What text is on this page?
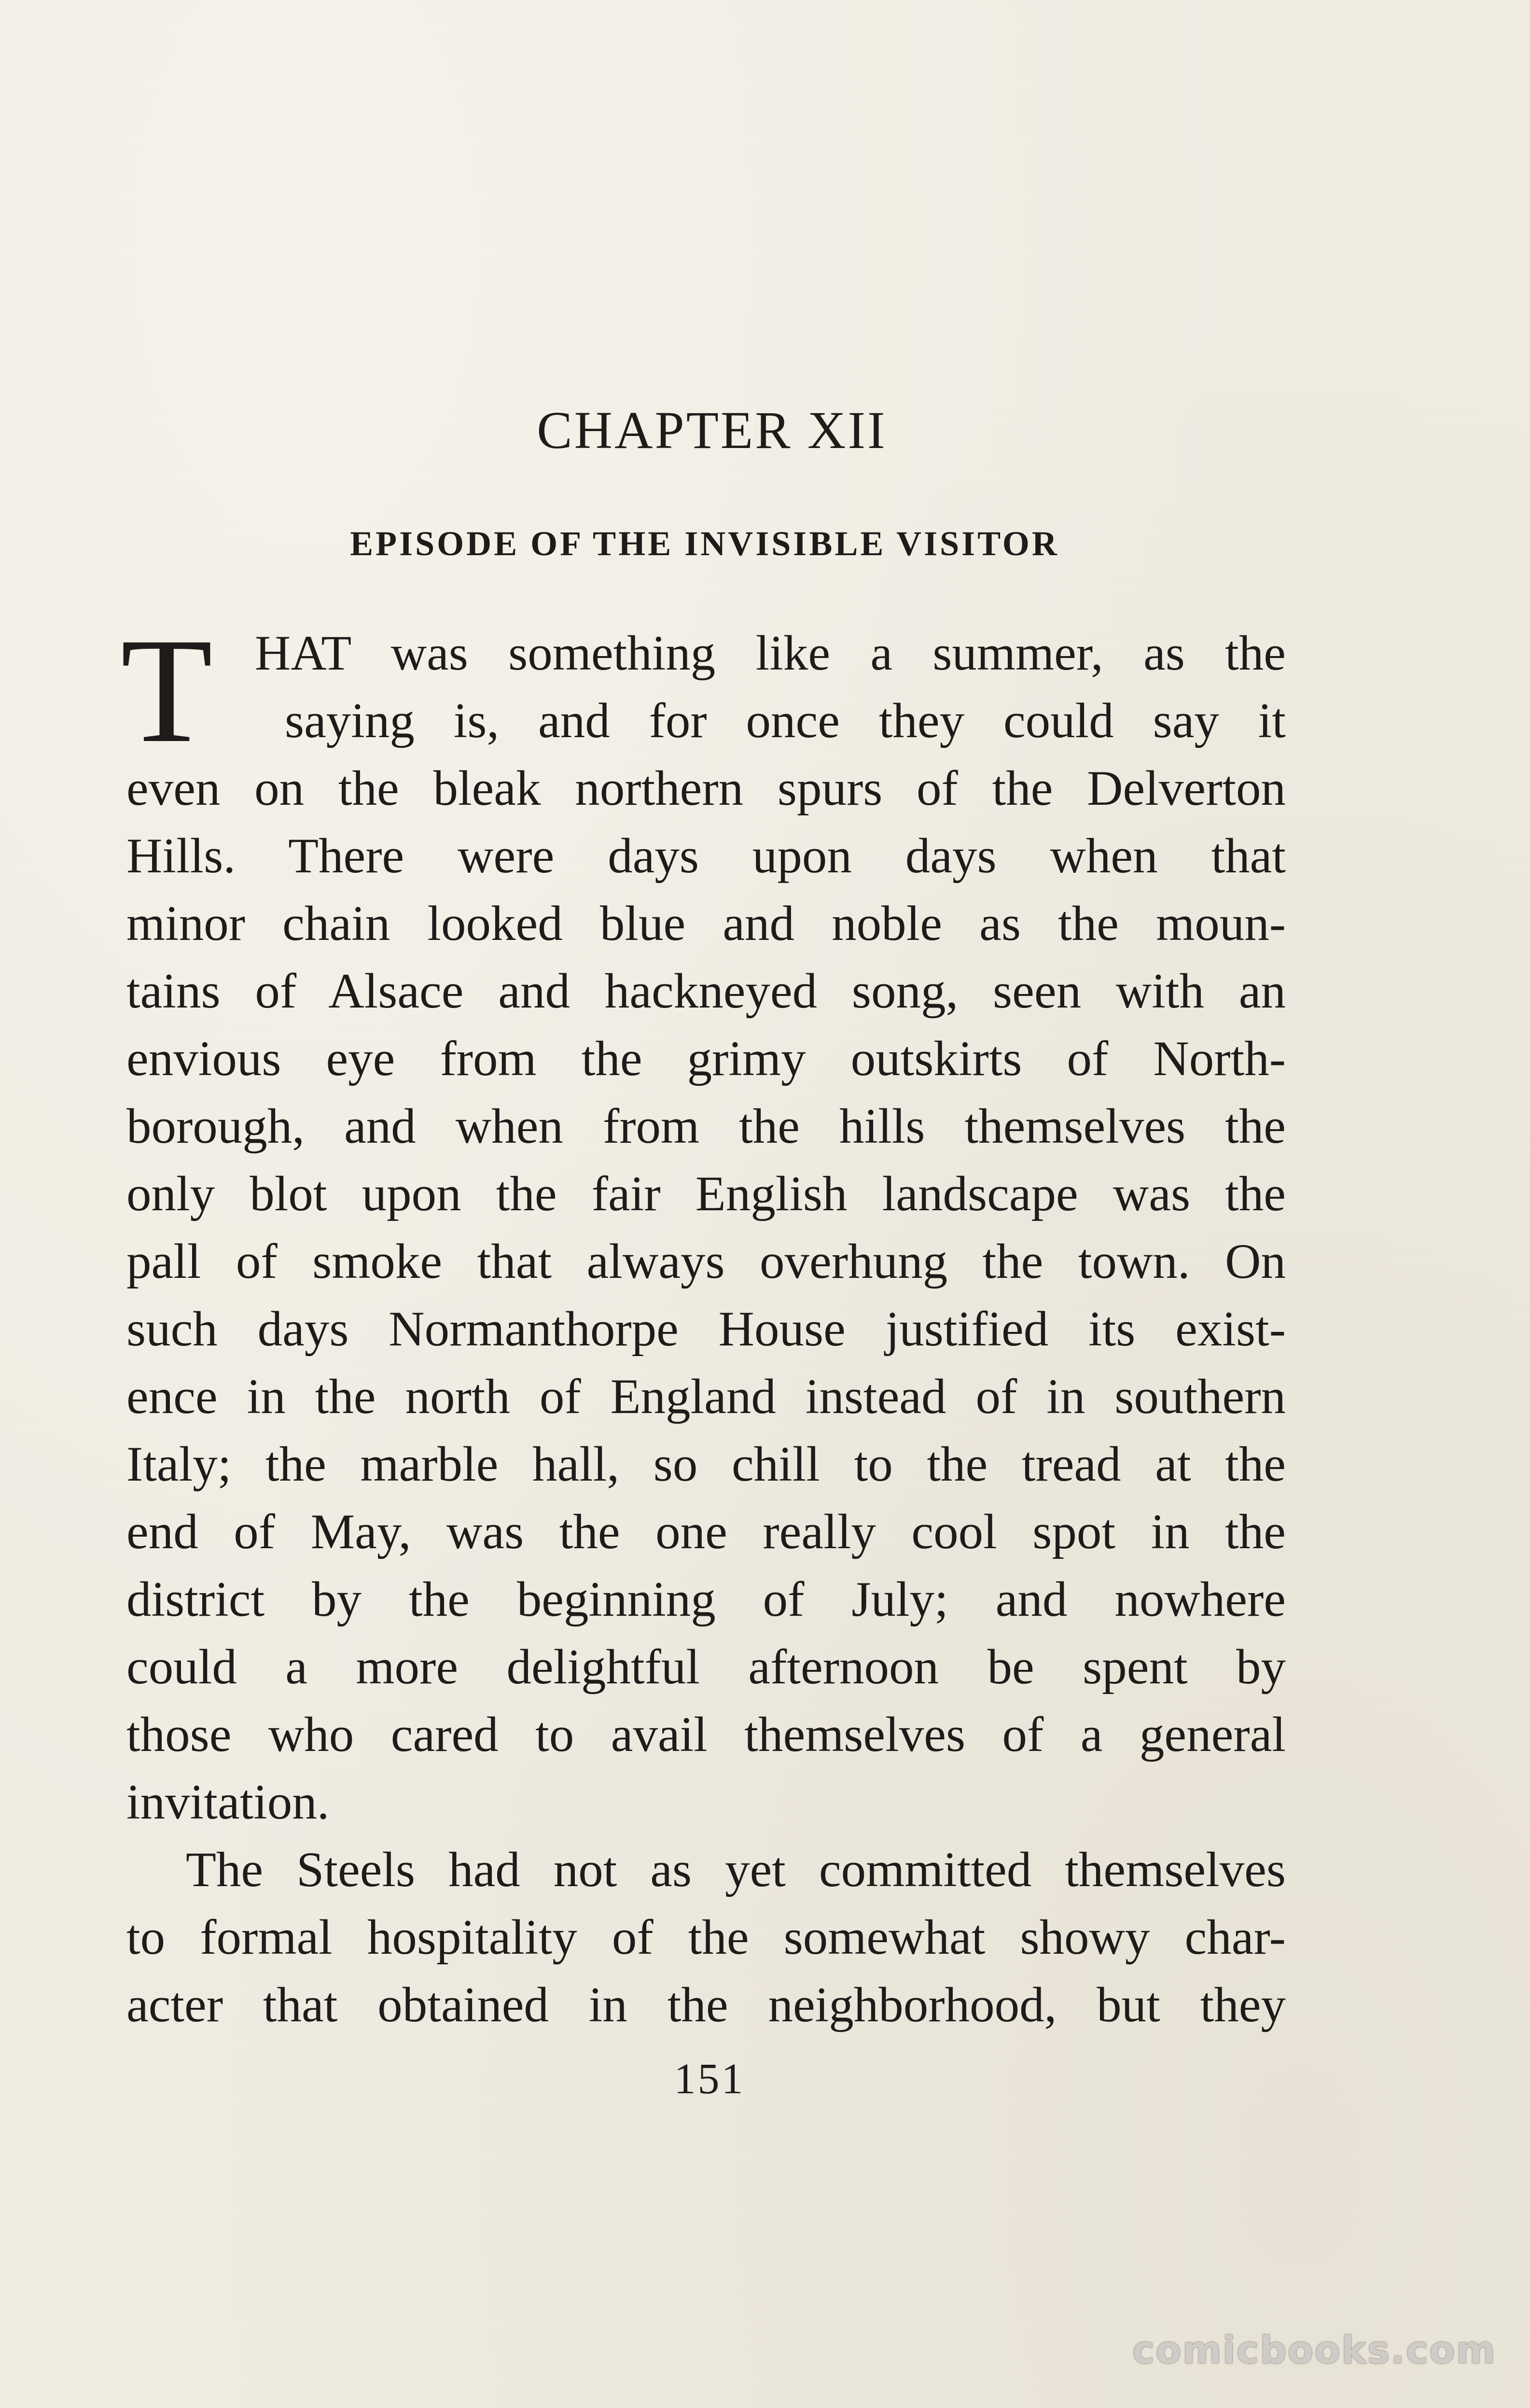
CHAPTER XII
EPISODE OF THE INVISIBLE VISITOR
T HAT was something like a summer, as the
saying is, and for once they could say it
even on the bleak northern spurs of the Delverton
Hills. There were days upon days when that
minor chain looked blue and noble as the moun-
tains of Alsace and hackneyed song, seen with an
envious eye from the grimy outskirts of North-
borough, and when from the hills themselves the
only blot upon the fair English landscape was the
pall of smoke that always overhung the town. On
such days Normanthorpe House justified its exist-
ence in the north of England instead of in southern
Italy; the marble hall, so chill to the tread at the
end of May, was the one really cool spot in the
district by the beginning of July; and nowhere
could a more delightful afternoon be spent by
those who cared to avail themselves of a general
invitation.
The Steels had not as yet committed themselves
to formal hospitality of the somewhat showy char-
acter that obtained in the neighborhood, but they
151
comicbooks.com
